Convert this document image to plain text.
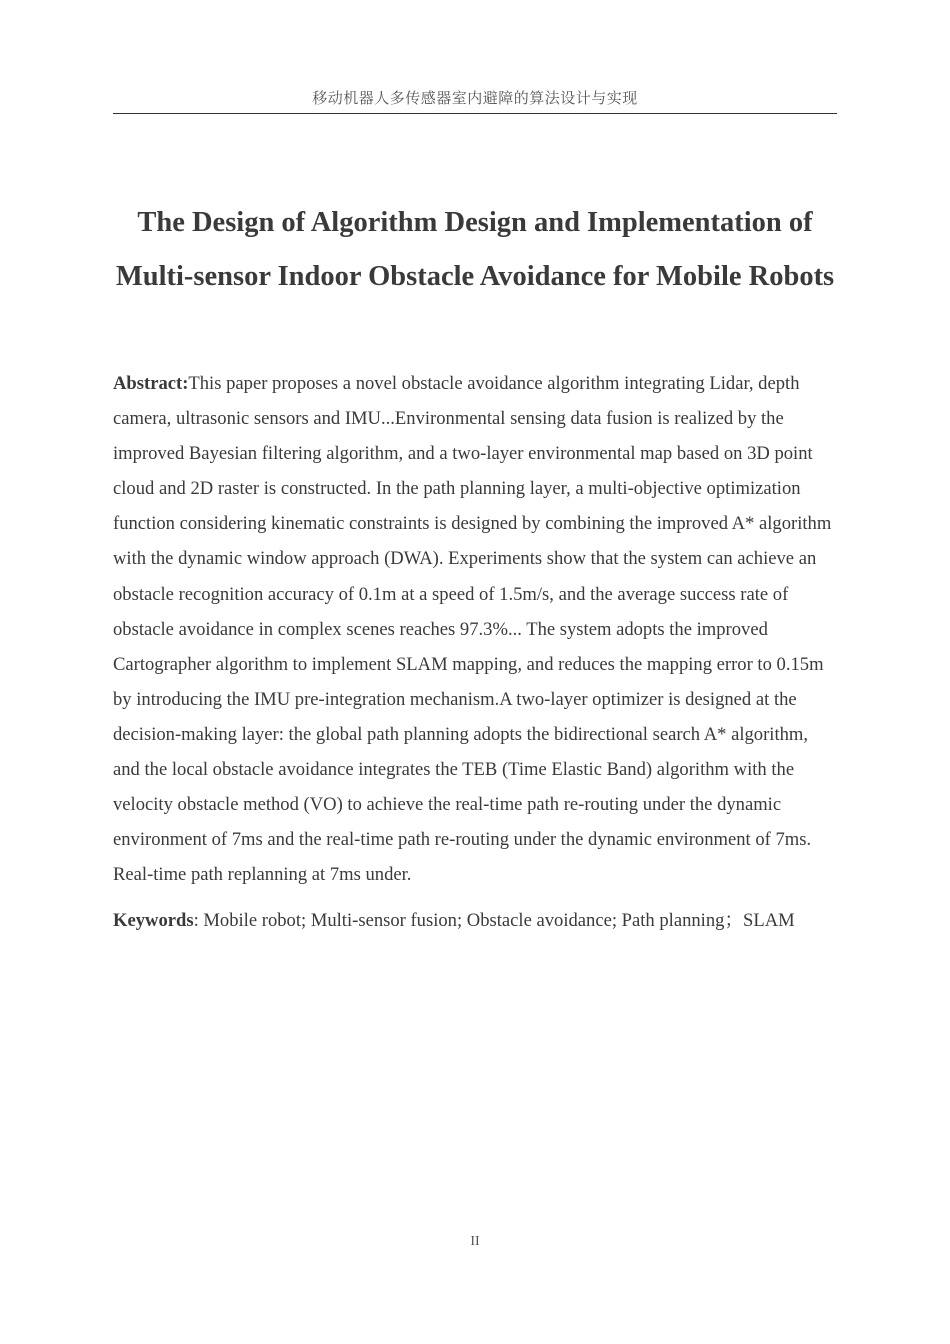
移动机器人多传感器室内避障的算法设计与实现
The Design of Algorithm Design and Implementation of Multi-sensor Indoor Obstacle Avoidance for Mobile Robots

Abstract:This paper proposes a novel obstacle avoidance algorithm integrating Lidar, depth camera, ultrasonic sensors and IMU...Environmental sensing data fusion is realized by the improved Bayesian filtering algorithm, and a two-layer environmental map based on 3D point cloud and 2D raster is constructed. In the path planning layer, a multi-objective optimization function considering kinematic constraints is designed by combining the improved A* algorithm with the dynamic window approach (DWA). Experiments show that the system can achieve an obstacle recognition accuracy of 0.1m at a speed of 1.5m/s, and the average success rate of obstacle avoidance in complex scenes reaches 97.3%... The system adopts the improved Cartographer algorithm to implement SLAM mapping, and reduces the mapping error to 0.15m by introducing the IMU pre-integration mechanism.A two-layer optimizer is designed at the decision-making layer: the global path planning adopts the bidirectional search A* algorithm, and the local obstacle avoidance integrates the TEB (Time Elastic Band) algorithm with the velocity obstacle method (VO) to achieve the real-time path re-routing under the dynamic environment of 7ms and the real-time path re-routing under the dynamic environment of 7ms. Real-time path replanning at 7ms under.

Keywords: Mobile robot; Multi-sensor fusion; Obstacle avoidance; Path planning；SLAM

II
